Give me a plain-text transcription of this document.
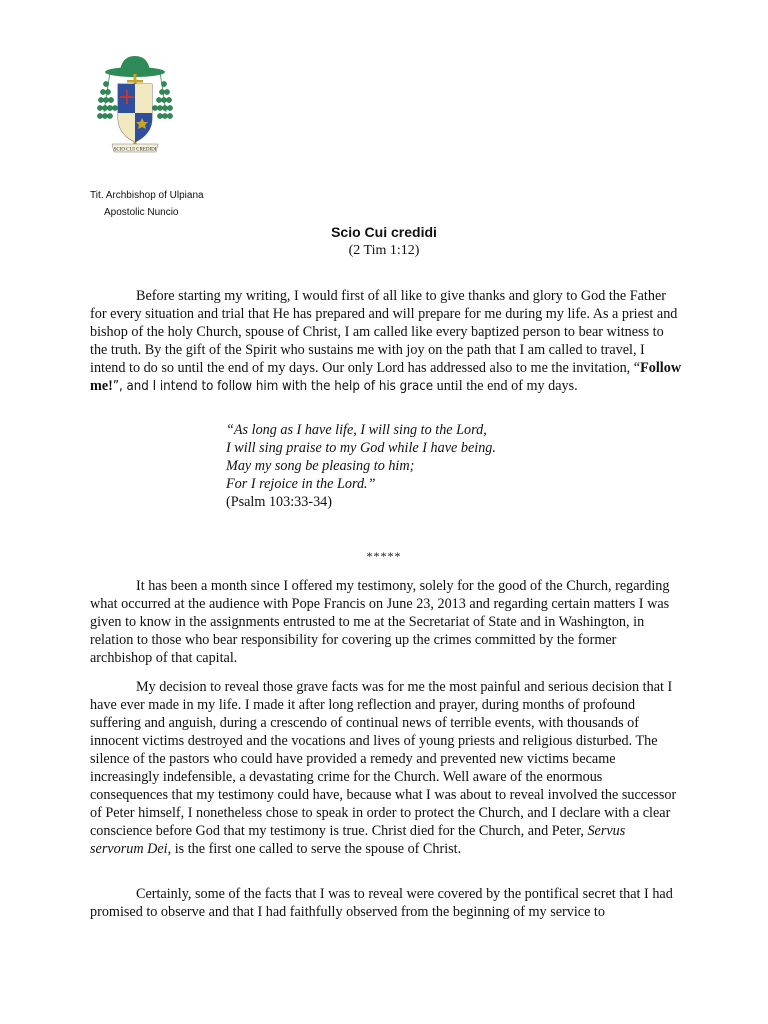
SCIO CUI CREDIDI
Tit. Archbishop of Ulpiana
Apostolic Nuncio
Scio Cui credidi
(2 Tim 1:12)

Before starting my writing, I would first of all like to give thanks and glory to God the Father for every situation and trial that He has prepared and will prepare for me during my life. As a priest and bishop of the holy Church, spouse of Christ, I am called like every baptized person to bear witness to the truth. By the gift of the Spirit who sustains me with joy on the path that I am called to travel, I intend to do so until the end of my days. Our only Lord has addressed also to me the invitation, “Follow me!”, and I intend to follow him with the help of his grace until the end of my days.

“As long as I have life, I will sing to the Lord,
I will sing praise to my God while I have being.
May my song be pleasing to him;
For I rejoice in the Lord.”
(Psalm 103:33-34)
*****

It has been a month since I offered my testimony, solely for the good of the Church, regarding what occurred at the audience with Pope Francis on June 23, 2013 and regarding certain matters I was given to know in the assignments entrusted to me at the Secretariat of State and in Washington, in relation to those who bear responsibility for covering up the crimes committed by the former archbishop of that capital.

My decision to reveal those grave facts was for me the most painful and serious decision that I have ever made in my life. I made it after long reflection and prayer, during months of profound suffering and anguish, during a crescendo of continual news of terrible events, with thousands of innocent victims destroyed and the vocations and lives of young priests and religious disturbed. The silence of the pastors who could have provided a remedy and prevented new victims became increasingly indefensible, a devastating crime for the Church. Well aware of the enormous consequences that my testimony could have, because what I was about to reveal involved the successor of Peter himself, I nonetheless chose to speak in order to protect the Church, and I declare with a clear conscience before God that my testimony is true. Christ died for the Church, and Peter, Servus servorum Dei, is the first one called to serve the spouse of Christ.

Certainly, some of the facts that I was to reveal were covered by the pontifical secret that I had promised to observe and that I had faithfully observed from the beginning of my service to
